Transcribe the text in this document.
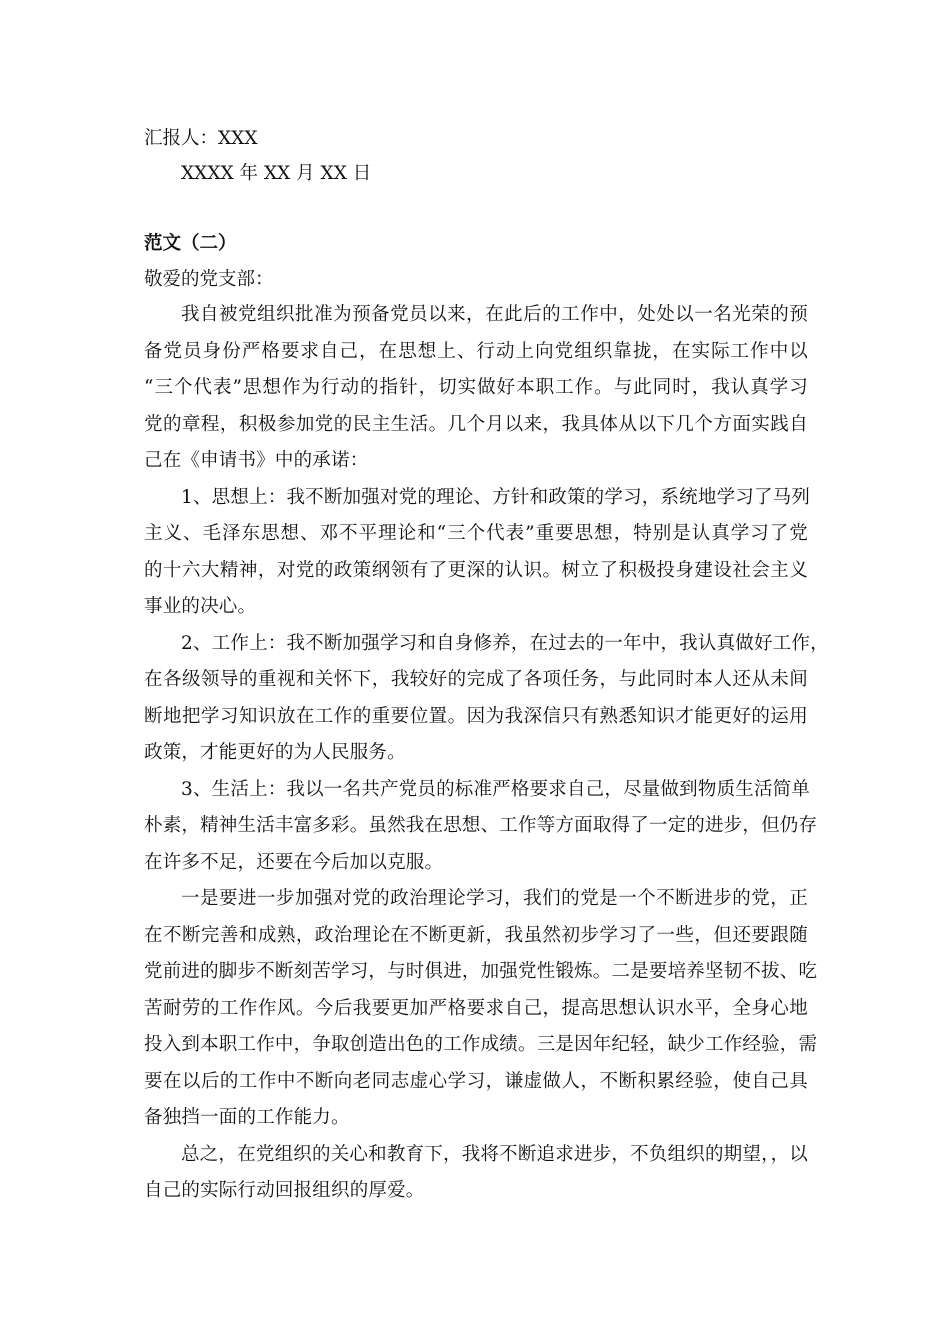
汇报人：XXX
XXXX 年 XX 月 XX 日
范文（二）
敬爱的党支部：
我自被党组织批准为预备党员以来，在此后的工作中，处处以一名光荣的预
备党员身份严格要求自己，在思想上、行动上向党组织靠拢，在实际工作中以
“三个代表”思想作为行动的指针，切实做好本职工作。与此同时，我认真学习
党的章程，积极参加党的民主生活。几个月以来，我具体从以下几个方面实践自
己在《申请书》中的承诺：
1、思想上：我不断加强对党的理论、方针和政策的学习，系统地学习了马列
主义、毛泽东思想、邓不平理论和“三个代表”重要思想，特别是认真学习了党
的十六大精神，对党的政策纲领有了更深的认识。树立了积极投身建设社会主义
事业的决心。
2、工作上：我不断加强学习和自身修养，在过去的一年中，我认真做好工作，
在各级领导的重视和关怀下，我较好的完成了各项任务，与此同时本人还从未间
断地把学习知识放在工作的重要位置。因为我深信只有熟悉知识才能更好的运用
政策，才能更好的为人民服务。
3、生活上：我以一名共产党员的标准严格要求自己，尽量做到物质生活简单
朴素，精神生活丰富多彩。虽然我在思想、工作等方面取得了一定的进步，但仍存
在许多不足，还要在今后加以克服。
一是要进一步加强对党的政治理论学习，我们的党是一个不断进步的党，正
在不断完善和成熟，政治理论在不断更新，我虽然初步学习了一些，但还要跟随
党前进的脚步不断刻苦学习，与时俱进，加强党性锻炼。二是要培养坚韧不拔、吃
苦耐劳的工作作风。今后我要更加严格要求自己，提高思想认识水平，全身心地
投入到本职工作中，争取创造出色的工作成绩。三是因年纪轻，缺少工作经验，需
要在以后的工作中不断向老同志虚心学习，谦虚做人，不断积累经验，使自己具
备独挡一面的工作能力。
总之，在党组织的关心和教育下，我将不断追求进步，不负组织的期望，，以
自己的实际行动回报组织的厚爱。
